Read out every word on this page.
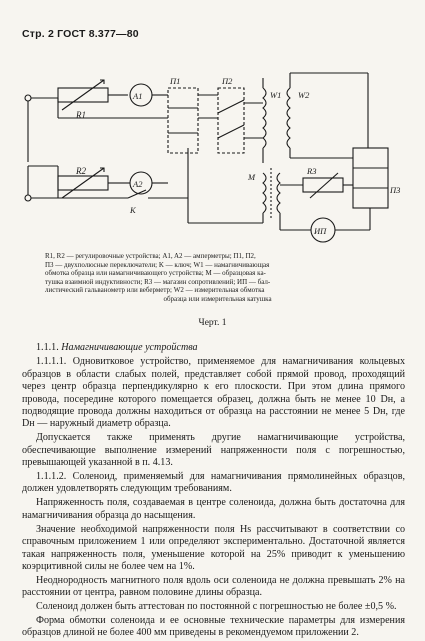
Стр. 2 ГОСТ 8.377—80
R1
A1
R2
A2
K
П1	П2
W1 W2
M
R3
П3
ИП
R1, R2 — регулировочные устройства; A1, A2 — амперметры; П1, П2,
П3 — двухполюсные переключатели; K — ключ; W1 — намагничивающая
обмотка образца или намагничивающего устройства; M — образцовая ка-
тушка взаимной индуктивности; R3 — магазин сопротивлений; ИП — бал-
листический гальванометр или веберметр; W2 — измерительная обмотка
образца или измерительная катушка
Черт. 1
1.1.1. Намагничивающие устройства

1.1.1.1. Одновитковое устройство, применяемое для намагничивания кольцевых образцов в области слабых полей, представляет собой прямой провод, проходящий через центр образца перпендикулярно к его плоскости. При этом длина прямого провода, посередине которого помещается образец, должна быть не менее 10 Dн, а подводящие провода должны находиться от образца на расстоянии не менее 5 Dн, где Dн — наружный диаметр образца.

Допускается также применять другие намагничивающие устройства, обеспечивающие выполнение измерений напряженности поля с погрешностью, превышающей указанной в п. 4.13.

1.1.1.2. Соленоид, применяемый для намагничивания прямолинейных образцов, должен удовлетворять следующим требованиям.

Напряженность поля, создаваемая в центре соленоида, должна быть достаточна для намагничивания образца до насыщения.

Значение необходимой напряженности поля Hs рассчитывают в соответствии со справочным приложением 1 или определяют экспериментально. Достаточной является такая напряженность поля, уменьшение которой на 25% приводит к уменьшению коэрцитивной силы не более чем на 1%.

Неоднородность магнитного поля вдоль оси соленоида не должна превышать 2% на расстоянии от центра, равном половине длины образца.

Соленоид должен быть аттестован по постоянной с погрешностью не более ±0,5 %.

Форма обмотки соленоида и ее основные технические параметры для измерения образцов длиной не более 400 мм приведены в рекомендуемом приложении 2.
